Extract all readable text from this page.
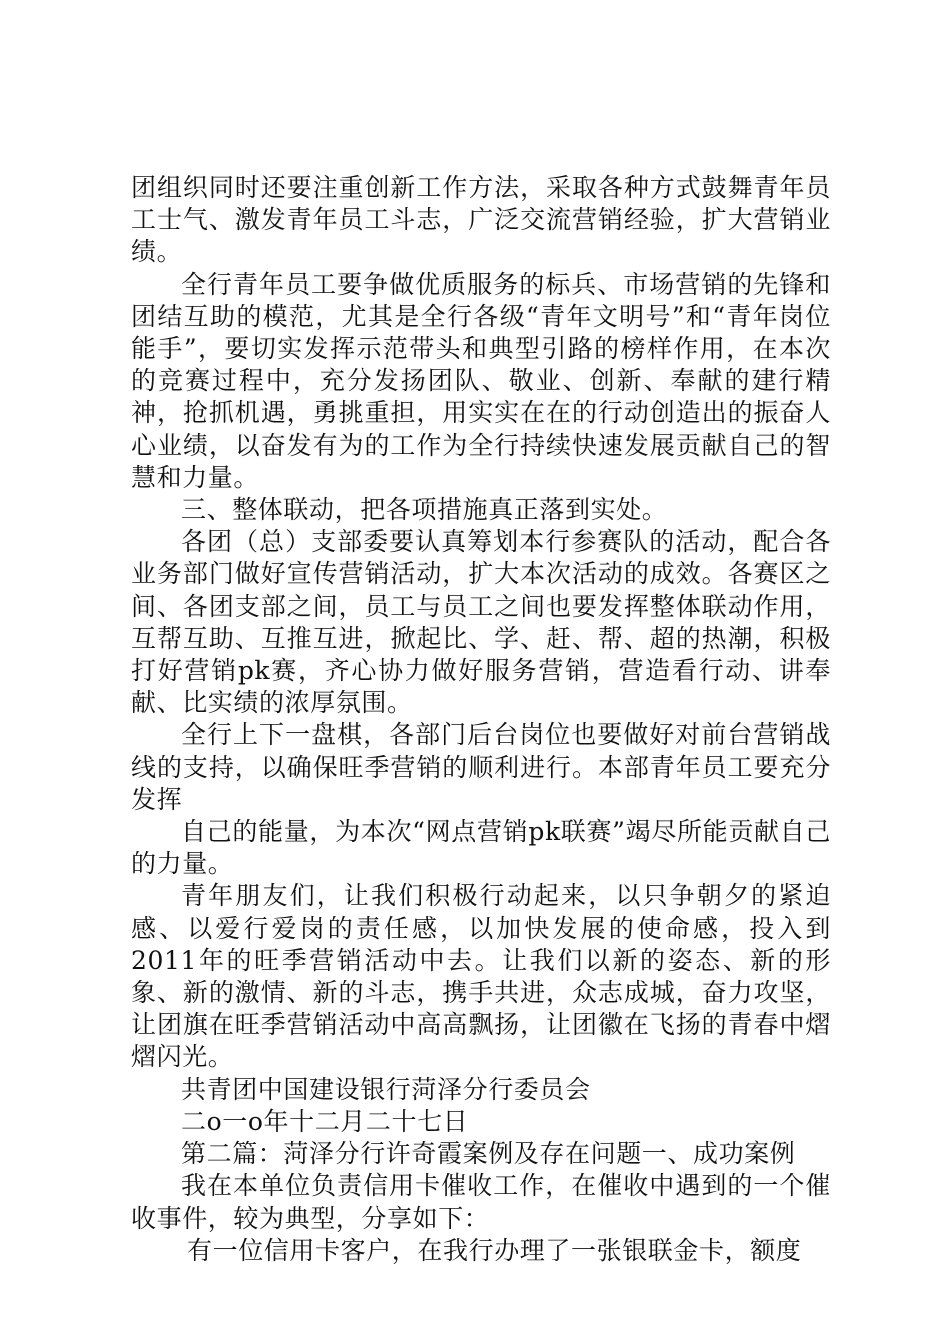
团组织同时还要注重创新工作方法，采取各种方式鼓舞青年员工士气、激发青年员工斗志，广泛交流营销经验，扩大营销业绩。

全行青年员工要争做优质服务的标兵、市场营销的先锋和团结互助的模范，尤其是全行各级“青年文明号”和“青年岗位能手”，要切实发挥示范带头和典型引路的榜样作用，在本次的竞赛过程中，充分发扬团队、敬业、创新、奉献的建行精神，抢抓机遇，勇挑重担，用实实在在的行动创造出的振奋人心业绩，以奋发有为的工作为全行持续快速发展贡献自己的智慧和力量。

三、整体联动，把各项措施真正落到实处。

各团（总）支部委要认真筹划本行参赛队的活动，配合各业务部门做好宣传营销活动，扩大本次活动的成效。各赛区之间、各团支部之间，员工与员工之间也要发挥整体联动作用，互帮互助、互推互进，掀起比、学、赶、帮、超的热潮，积极打好营销pk赛，齐心协力做好服务营销，营造看行动、讲奉献、比实绩的浓厚氛围。

全行上下一盘棋，各部门后台岗位也要做好对前台营销战线的支持，以确保旺季营销的顺利进行。本部青年员工要充分发挥

自己的能量，为本次“网点营销pk联赛”竭尽所能贡献自己的力量。

青年朋友们，让我们积极行动起来，以只争朝夕的紧迫感、以爱行爱岗的责任感，以加快发展的使命感，投入到2011年的旺季营销活动中去。让我们以新的姿态、新的形象、新的激情、新的斗志，携手共进，众志成城，奋力攻坚，让团旗在旺季营销活动中高高飘扬，让团徽在飞扬的青春中熠熠闪光。

共青团中国建设银行菏泽分行委员会

二o一o年十二月二十七日

第二篇：菏泽分行许奇霞案例及存在问题一、成功案例

我在本单位负责信用卡催收工作，在催收中遇到的一个催收事件，较为典型，分享如下：

有一位信用卡客户，在我行办理了一张银联金卡，额度
